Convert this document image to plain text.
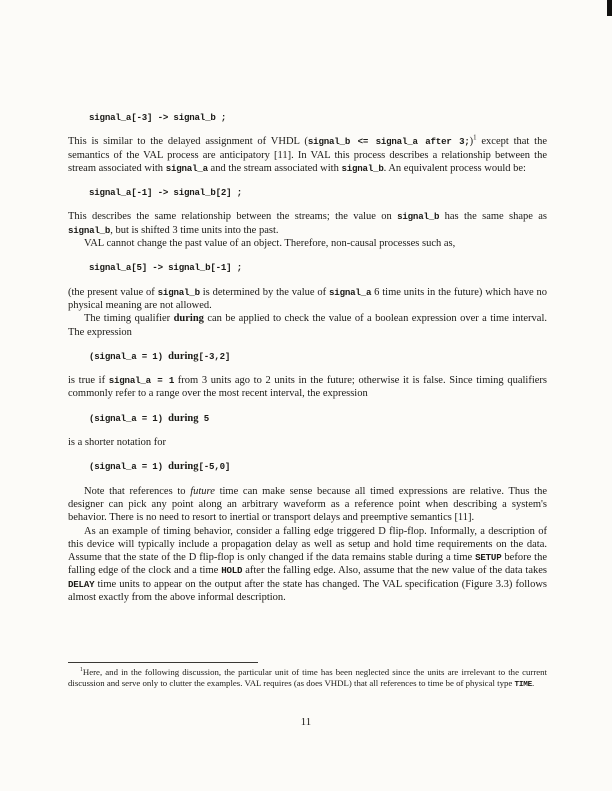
signal_a[-3] -> signal_b ;
This is similar to the delayed assignment of VHDL (signal_b <= signal_a after 3;)$^1$ except that the semantics of the VAL process are anticipatory [11]. In VAL this process describes a relationship between the stream associated with signal_a and the stream associated with signal_b. An equivalent process would be:
signal_a[-1] -> signal_b[2] ;
This describes the same relationship between the streams; the value on signal_b has the same shape as signal_b, but is shifted 3 time units into the past.
VAL cannot change the past value of an object. Therefore, non-causal processes such as,
signal_a[5] -> signal_b[-1] ;
(the present value of signal_b is determined by the value of signal_a 6 time units in the future) which have no physical meaning are not allowed.
The timing qualifier during can be applied to check the value of a boolean expression over a time interval. The expression
(signal_a = 1) during[-3,2]
is true if signal_a = 1 from 3 units ago to 2 units in the future; otherwise it is false. Since timing qualifiers commonly refer to a range over the most recent interval, the expression
(signal_a = 1) during 5
is a shorter notation for
(signal_a = 1) during[-5,0]
Note that references to future time can make sense because all timed expressions are relative. Thus the designer can pick any point along an arbitrary waveform as a reference point when describing a system's behavior. There is no need to resort to inertial or transport delays and preemptive semantics [11].
As an example of timing behavior, consider a falling edge triggered D flip-flop. Informally, a description of this device will typically include a propagation delay as well as setup and hold time requirements on the data. Assume that the state of the D flip-flop is only changed if the data remains stable during a time SETUP before the falling edge of the clock and a time HOLD after the falling edge. Also, assume that the new value of the data takes DELAY time units to appear on the output after the state has changed. The VAL specification (Figure 3.3) follows almost exactly from the above informal description.
$^1$Here, and in the following discussion, the particular unit of time has been neglected since the units are irrelevant to the current discussion and serve only to clutter the examples. VAL requires (as does VHDL) that all references to time be of physical type TIME.
11
